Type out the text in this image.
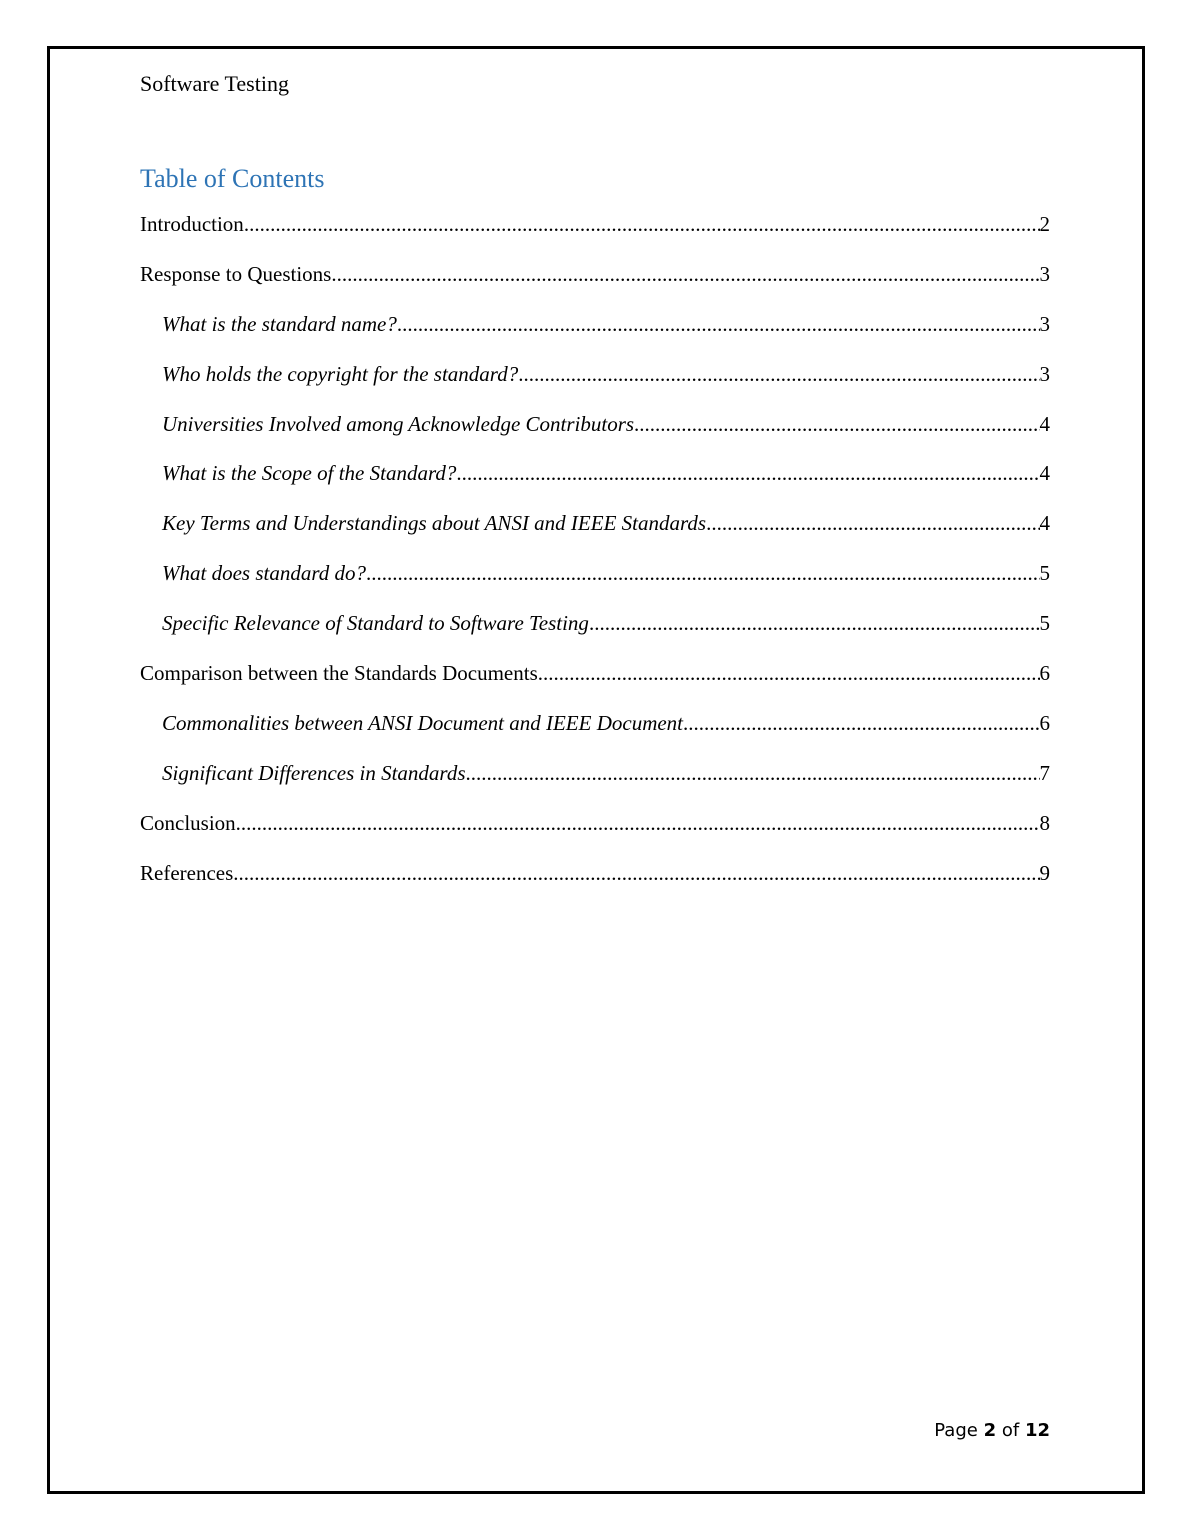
Software Testing
Table of Contents
Introduction .....	2
Response to Questions .....	3
What is the standard name? .....	3
Who holds the copyright for the standard? .....	3
Universities Involved among Acknowledge Contributors .....	4
What is the Scope of the Standard? .....	4
Key Terms and Understandings about ANSI and IEEE Standards .....	4
What does standard do? .....	5
Specific Relevance of Standard to Software Testing .....	5
Comparison between the Standards Documents .....	6
Commonalities between ANSI Document and IEEE Document .....	6
Significant Differences in Standards .....	7
Conclusion .....	8
References .....	9
Page 2 of 12
